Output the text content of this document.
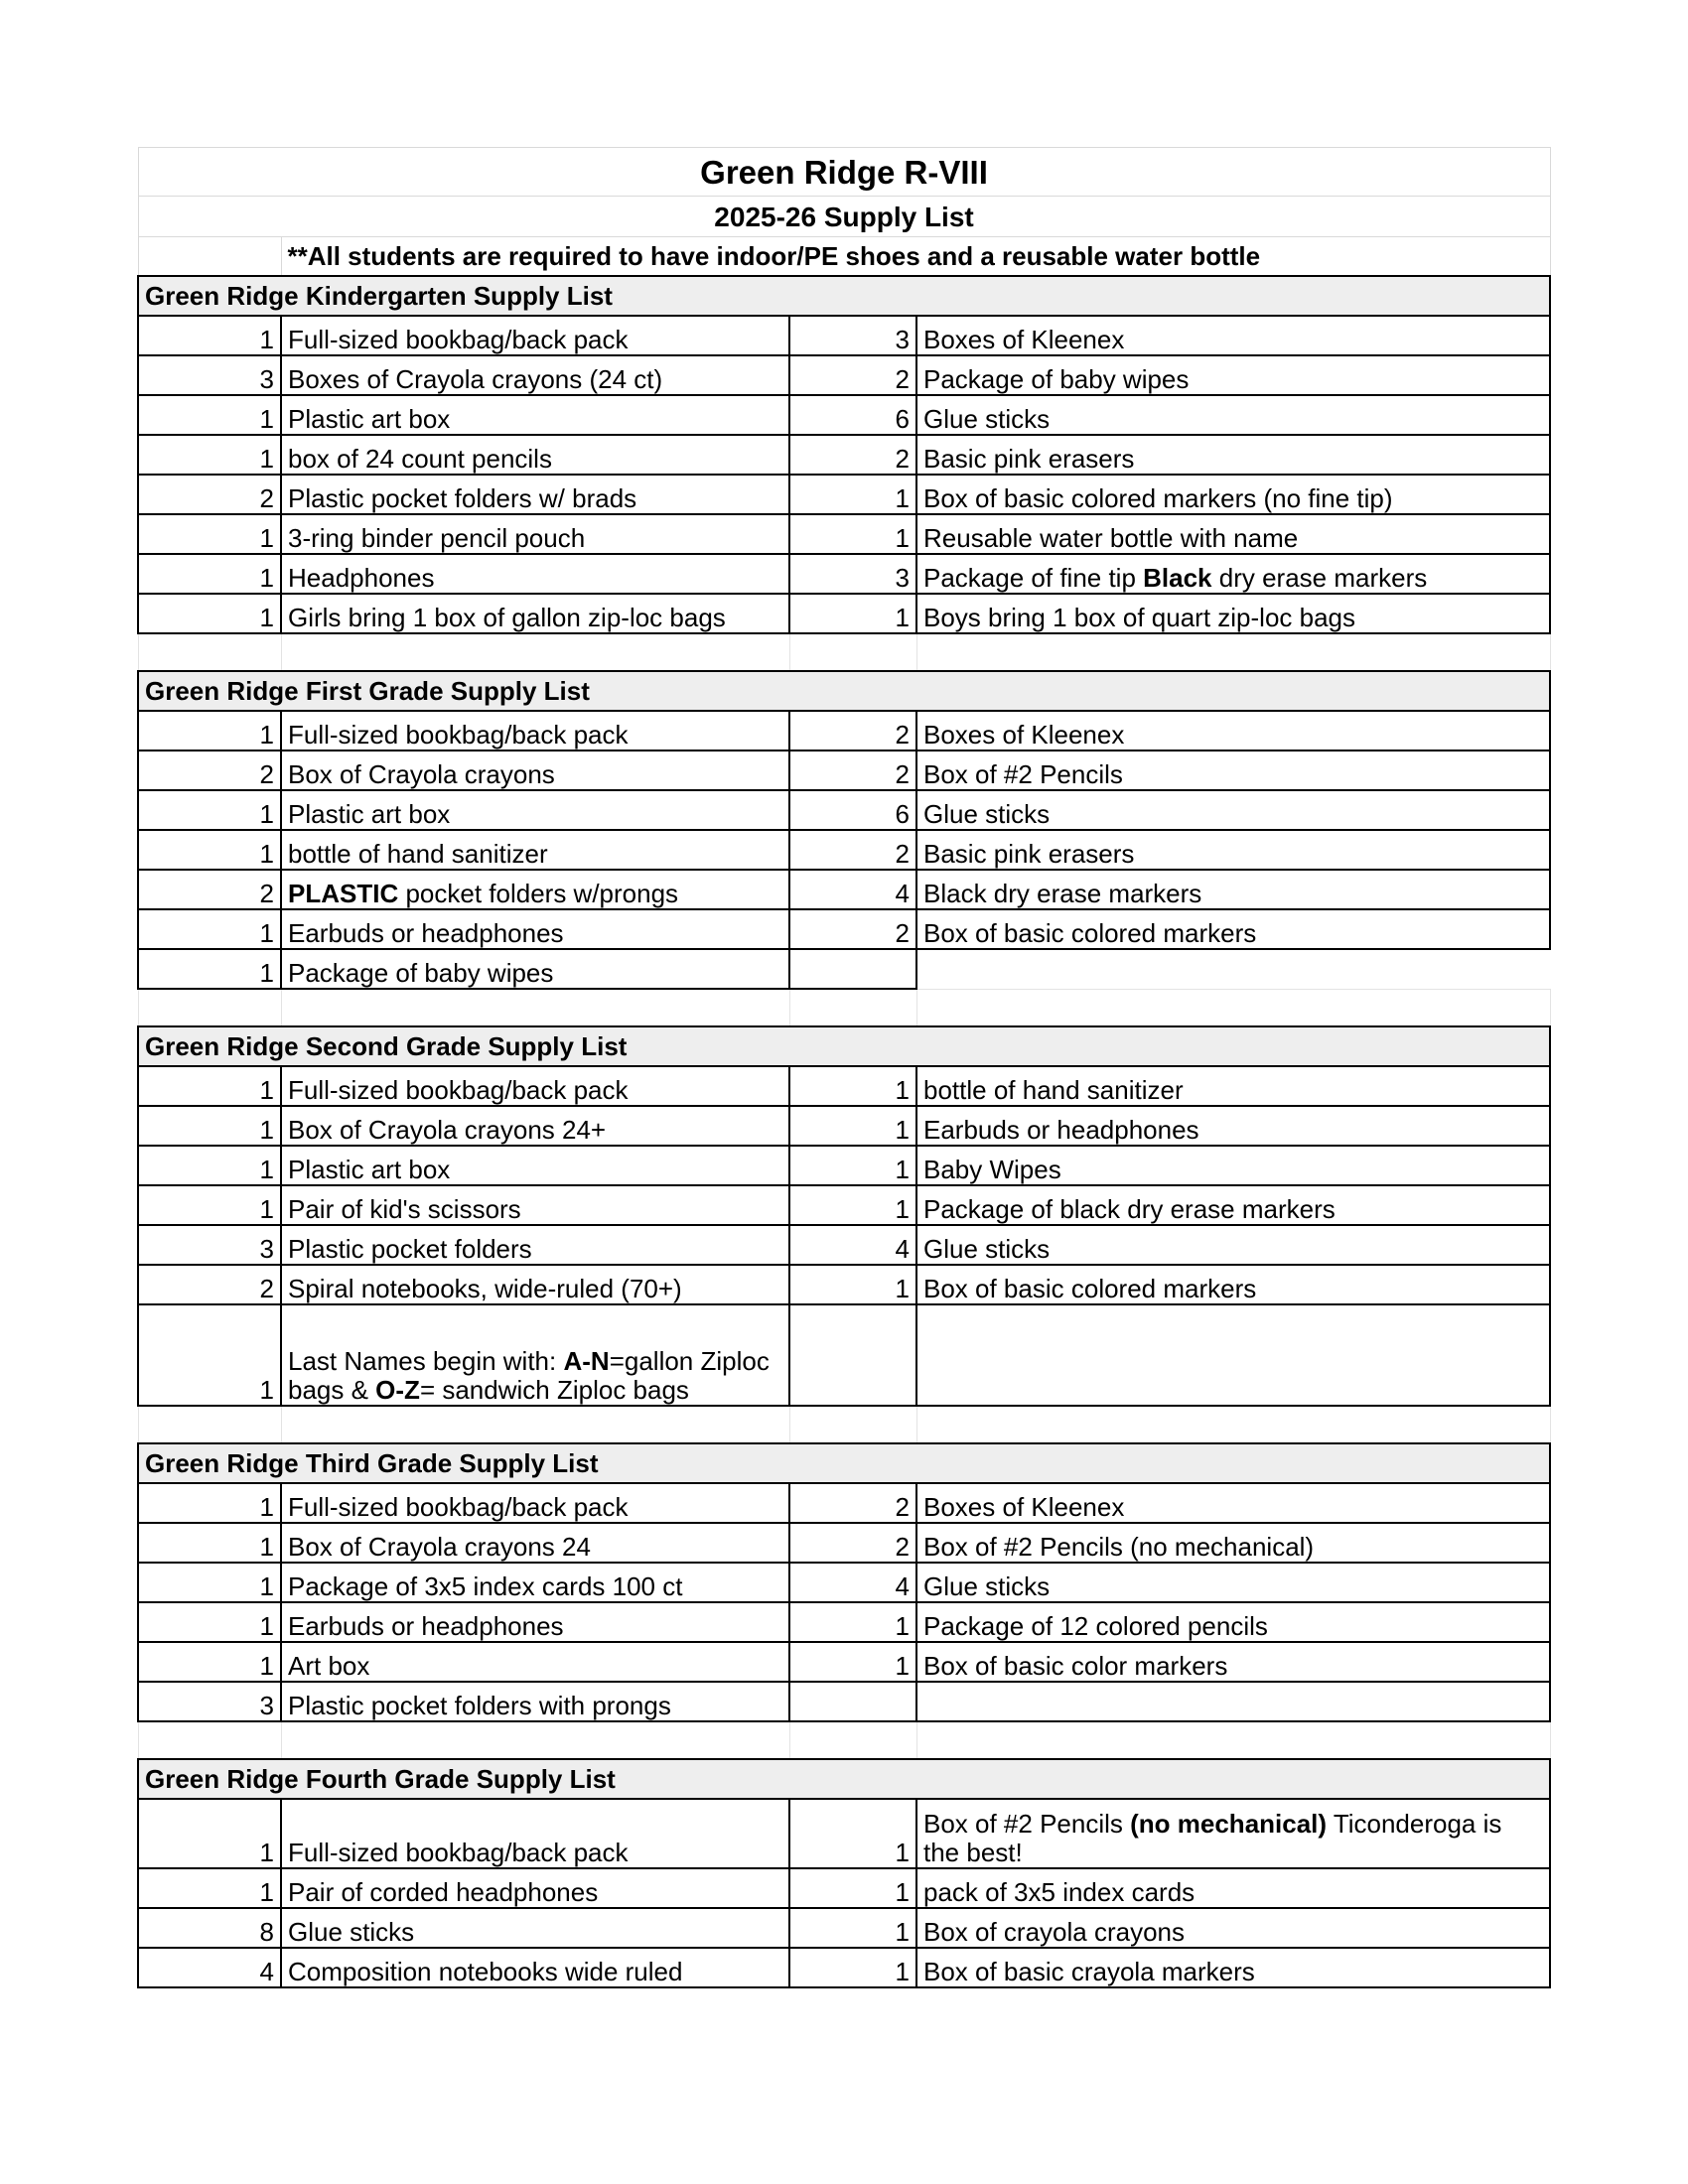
Green Ridge R-VIII			
2025-26 Supply List			
	**All students are required to have indoor/PE shoes and a reusable water bottle		
Green Ridge Kindergarten Supply List			
1	Full-sized bookbag/back pack	3	Boxes of Kleenex
3	Boxes of Crayola crayons (24 ct)	2	Package of baby wipes
1	Plastic art box	6	Glue sticks
1	box of 24 count pencils	2	Basic pink erasers
2	Plastic pocket folders w/ brads	1	Box of basic colored markers (no fine tip)
1	3-ring binder pencil pouch	1	Reusable water bottle with name
1	Headphones	3	Package of fine tip Black dry erase markers
1	Girls bring 1 box of gallon zip-loc bags	1	Boys bring 1 box of quart zip-loc bags

Green Ridge First Grade Supply List			
1	Full-sized bookbag/back pack	2	Boxes of Kleenex
2	Box of Crayola crayons	2	Box of #2 Pencils
1	Plastic art box	6	Glue sticks
1	bottle of hand sanitizer	2	Basic pink erasers
2	PLASTIC pocket folders w/prongs	4	Black dry erase markers
1	Earbuds or headphones	2	Box of basic colored markers
1	Package of baby wipes		

Green Ridge Second Grade Supply List			
1	Full-sized bookbag/back pack	1	bottle of hand sanitizer
1	Box of Crayola crayons 24+	1	Earbuds or headphones
1	Plastic art box	1	Baby Wipes
1	Pair of kid's scissors	1	Package of black dry erase markers
3	Plastic pocket folders	4	Glue sticks
2	Spiral notebooks, wide-ruled (70+)	1	Box of basic colored markers
1	Last Names begin with: A-N=gallon Ziploc bags & O-Z= sandwich Ziploc bags		

Green Ridge Third Grade Supply List			
1	Full-sized bookbag/back pack	2	Boxes of Kleenex
1	Box of Crayola crayons 24	2	Box of #2 Pencils (no mechanical)
1	Package of 3x5 index cards 100 ct	4	Glue sticks
1	Earbuds or headphones	1	Package of 12 colored pencils
1	Art box	1	Box of basic color markers
3	Plastic pocket folders with prongs		

Green Ridge Fourth Grade Supply List			
1	Full-sized bookbag/back pack	1	Box of #2 Pencils (no mechanical) Ticonderoga is the best!
1	Pair of corded headphones	1	pack of 3x5 index cards
8	Glue sticks	1	Box of crayola crayons
4	Composition notebooks wide ruled	1	Box of basic crayola markers
